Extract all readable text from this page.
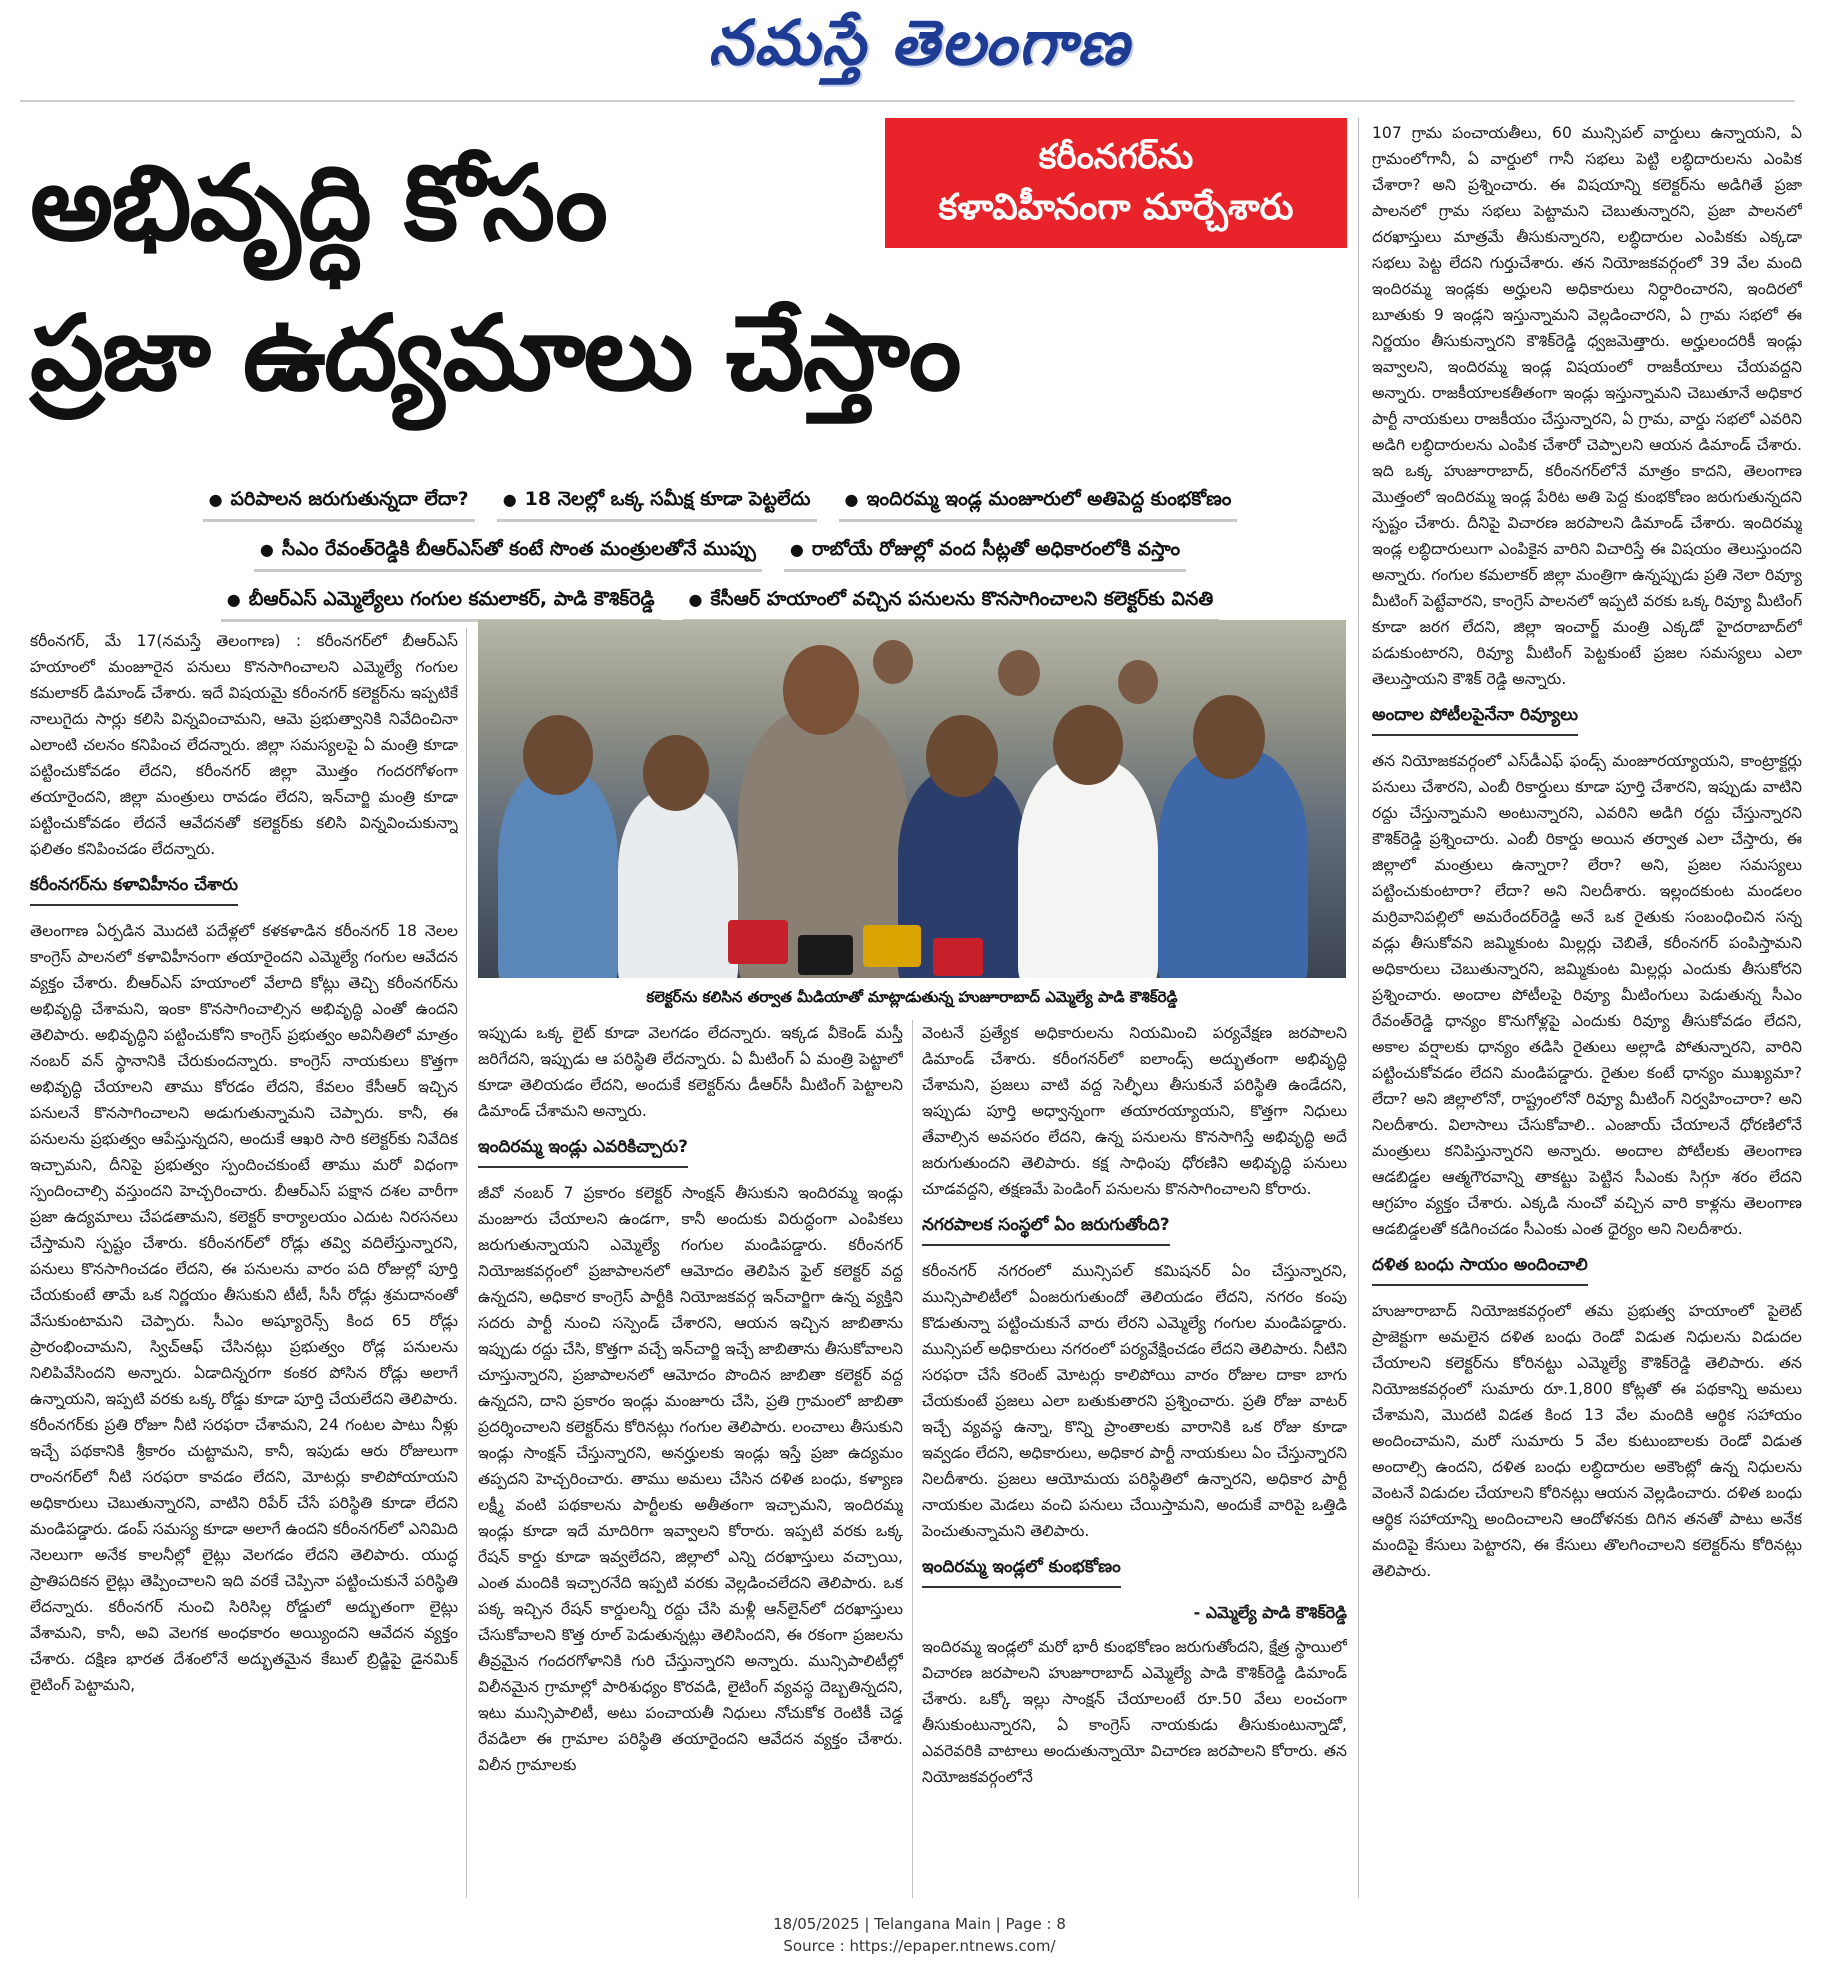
నమస్తే తెలంగాణ
అభివృద్ధి కోసం
ప్రజా ఉద్యమాలు చేస్తాం
కరీంనగర్‌ను
కళావిహీనంగా మార్చేశారు
● పరిపాలన జరుగుతున్నదా లేదా?	● 18 నెలల్లో ఒక్క సమీక్ష కూడా పెట్టలేదు	● ఇందిరమ్మ ఇండ్ల మంజూరులో అతిపెద్ద కుంభకోణం
● సీఎం రేవంత్‌రెడ్డికి బీఆర్‌ఎస్‌తో కంటే సొంత మంత్రులతోనే ముప్పు	● రాబోయే రోజుల్లో వంద సీట్లతో అధికారంలోకి వస్తాం
● బీఆర్‌ఎస్ ఎమ్మెల్యేలు గంగుల కమలాకర్, పాడి కౌశిక్‌రెడ్డి	● కేసీఆర్ హయాంలో వచ్చిన పనులను కొనసాగించాలని కలెక్టర్‌కు వినతి

కరీంనగర్, మే 17(నమస్తే తెలంగాణ) : కరీంనగర్‌లో బీఆర్ఎస్ హయాంలో మంజూరైన పనులు కొనసాగించాలని ఎమ్మెల్యే గంగుల కమలాకర్ డిమాండ్ చేశారు. ఇదే విషయమై కరీంనగర్ కలెక్టర్‌ను ఇప్పటికే నాలుగైదు సార్లు కలిసి విన్నవించామని, ఆమె ప్రభుత్వానికి నివేదించినా ఎలాంటి చలనం కనిపించ లేదన్నారు. జిల్లా సమస్యలపై ఏ మంత్రి కూడా పట్టించుకోవడం లేదని, కరీంనగర్ జిల్లా మొత్తం గందరగోళంగా తయారైందని, జిల్లా మంత్రులు రావడం లేదని, ఇన్‌చార్జి మంత్రి కూడా పట్టించుకోవడం లేదనే ఆవేదనతో కలెక్టర్‌కు కలిసి విన్నవించుకున్నా ఫలితం కనిపించడం లేదన్నారు.

కరీంనగర్‌ను కళావిహీనం చేశారు

తెలంగాణ ఏర్పడిన మొదటి పదేళ్లలో కళకళాడిన కరీంనగర్ 18 నెలల కాంగ్రెస్ పాలనలో కళావిహీనంగా తయారైందని ఎమ్మెల్యే గంగుల ఆవేదన వ్యక్తం చేశారు. బీఆర్ఎస్ హయాంలో వేలాది కోట్లు తెచ్చి కరీంనగర్‌ను అభివృద్ధి చేశామని, ఇంకా కొనసాగించాల్సిన అభివృద్ధి ఎంతో ఉందని తెలిపారు. అభివృద్ధిని పట్టించుకోని కాంగ్రెస్ ప్రభుత్వం అవినీతిలో మాత్రం నంబర్ వన్ స్థానానికి చేరుకుందన్నారు. కాంగ్రెస్ నాయకులు కొత్తగా అభివృద్ధి చేయాలని తాము కోరడం లేదని, కేవలం కేసీఆర్ ఇచ్చిన పనులనే కొనసాగించాలని అడుగుతున్నామని చెప్పారు. కానీ, ఈ పనులను ప్రభుత్వం ఆపేస్తున్నదని, అందుకే ఆఖరి సారి కలెక్టర్‌కు నివేదిక ఇచ్చామని, దీనిపై ప్రభుత్వం స్పందించకుంటే తాము మరో విధంగా స్పందించాల్సి వస్తుందని హెచ్చరించారు. బీఆర్ఎస్ పక్షాన దశల వారీగా ప్రజా ఉద్యమాలు చేపడతామని, కలెక్టర్ కార్యాలయం ఎదుట నిరసనలు చేస్తామని స్పష్టం చేశారు. కరీంనగర్‌లో రోడ్లు తవ్వి వదిలేస్తున్నారని, పనులు కొనసాగించడం లేదని, ఈ పనులను వారం పది రోజుల్లో పూర్తి చేయకుంటే తామే ఒక నిర్ణయం తీసుకుని టీటీ, సీసీ రోడ్లు శ్రమదానంతో వేసుకుంటామని చెప్పారు. సీఎం అష్యూరెన్స్ కింద 65 రోడ్లు ప్రారంభించామని, స్విచ్‌ఆఫ్ చేసినట్లు ప్రభుత్వం రోడ్ల పనులను నిలిపివేసిందని అన్నారు. ఏడాదిన్నరగా కంకర పోసిన రోడ్లు అలాగే ఉన్నాయని, ఇప్పటి వరకు ఒక్క రోడ్డు కూడా పూర్తి చేయలేదని తెలిపారు. కరీంనగర్‌కు ప్రతి రోజూ నీటి సరఫరా చేశామని, 24 గంటల పాటు నీళ్లు ఇచ్చే పథకానికి శ్రీకారం చుట్టామని, కానీ, ఇపుడు ఆరు రోజులుగా రాంనగర్‌లో నీటి సరఫరా కావడం లేదని, మోటర్లు కాలిపోయాయని అధికారులు చెబుతున్నారని, వాటిని రిపేర్ చేసే పరిస్థితి కూడా లేదని మండిపడ్డారు. డంప్ సమస్య కూడా అలాగే ఉందని కరీంనగర్‌లో ఎనిమిది నెలలుగా అనేక కాలనీల్లో లైట్లు వెలగడం లేదని తెలిపారు. యుద్ధ ప్రాతిపదికన లైట్లు తెప్పించాలని ఇది వరకే చెప్పినా పట్టించుకునే పరిస్థితి లేదన్నారు. కరీంనగర్ నుంచి సిరిసిల్ల రోడ్డులో అద్భుతంగా లైట్లు వేశామని, కానీ, అవి వెలగక అంధకారం అయ్యిందని ఆవేదన వ్యక్తం చేశారు. దక్షిణ భారత దేశంలోనే అద్భుతమైన కేబుల్ బ్రిడ్జిపై డైనమిక్ లైటింగ్ పెట్టామని,

కలెక్టర్‌ను కలిసిన తర్వాత మీడియాతో మాట్లాడుతున్న హుజూరాబాద్ ఎమ్మెల్యే పాడి కౌశిక్‌రెడ్డి

ఇప్పుడు ఒక్క లైట్ కూడా వెలగడం లేదన్నారు. ఇక్కడ వీకెండ్ మస్తీ జరిగేదని, ఇప్పుడు ఆ పరిస్థితి లేదన్నారు. ఏ మీటింగ్ ఏ మంత్రి పెట్టాలో కూడా తెలియడం లేదని, అందుకే కలెక్టర్‌ను డీఆర్‌సీ మీటింగ్ పెట్టాలని డిమాండ్ చేశామని అన్నారు.

ఇందిరమ్మ ఇండ్లు ఎవరికిచ్చారు?

జీవో నంబర్ 7 ప్రకారం కలెక్టర్ సాంక్షన్ తీసుకుని ఇందిరమ్మ ఇండ్లు మంజూరు చేయాలని ఉండగా, కానీ అందుకు విరుద్ధంగా ఎంపికలు జరుగుతున్నాయని ఎమ్మెల్యే గంగుల మండిపడ్డారు. కరీంనగర్ నియోజకవర్గంలో ప్రజాపాలనలో ఆమోదం తెలిపిన ఫైల్ కలెక్టర్ వద్ద ఉన్నదని, అధికార కాంగ్రెస్ పార్టీకి నియోజకవర్గ ఇన్‌చార్జిగా ఉన్న వ్యక్తిని సదరు పార్టీ నుంచి సస్పెండ్ చేశారని, ఆయన ఇచ్చిన జాబితాను ఇప్పుడు రద్దు చేసి, కొత్తగా వచ్చే ఇన్‌చార్జి ఇచ్చే జాబితాను తీసుకోవాలని చూస్తున్నారని, ప్రజాపాలనలో ఆమోదం పొందిన జాబితా కలెక్టర్ వద్ద ఉన్నదని, దాని ప్రకారం ఇండ్లు మంజూరు చేసి, ప్రతి గ్రామంలో జాబితా ప్రదర్శించాలని కలెక్టర్‌ను కోరినట్లు గంగుల తెలిపారు. లంచాలు తీసుకుని ఇండ్లు సాంక్షన్ చేస్తున్నారని, అనర్హులకు ఇండ్లు ఇస్తే ప్రజా ఉద్యమం తప్పదని హెచ్చరించారు. తాము అమలు చేసిన దళిత బంధు, కళ్యాణ లక్ష్మీ వంటి పథకాలను పార్టీలకు అతీతంగా ఇచ్చామని, ఇందిరమ్మ ఇండ్లు కూడా ఇదే మాదిరిగా ఇవ్వాలని కోరారు. ఇప్పటి వరకు ఒక్క రేషన్ కార్డు కూడా ఇవ్వలేదని, జిల్లాలో ఎన్ని దరఖాస్తులు వచ్చాయి, ఎంత మందికి ఇచ్చారనేది ఇప్పటి వరకు వెల్లడించలేదని తెలిపారు. ఒక పక్క ఇచ్చిన రేషన్ కార్డులన్నీ రద్దు చేసి మళ్లీ ఆన్‌లైన్‌లో దరఖాస్తులు చేసుకోవాలని కొత్త రూల్ పెడుతున్నట్లు తెలిసిందని, ఈ రకంగా ప్రజలను తీవ్రమైన గందరగోళానికి గురి చేస్తున్నారని అన్నారు. మున్సిపాలిటీల్లో విలీనమైన గ్రామాల్లో పారిశుధ్యం కొరవడి, లైటింగ్ వ్యవస్థ దెబ్బతిన్నదని, ఇటు మున్సిపాలిటీ, అటు పంచాయతీ నిధులు నోచుకోక రెంటికీ చెడ్డ రేవడిలా ఈ గ్రామాల పరిస్థితి తయారైందని ఆవేదన వ్యక్తం చేశారు. విలీన గ్రామాలకు

వెంటనే ప్రత్యేక అధికారులను నియమించి పర్యవేక్షణ జరపాలని డిమాండ్ చేశారు. కరీంగనర్‌లో ఐలాండ్స్ అద్భుతంగా అభివృద్ధి చేశామని, ప్రజలు వాటి వద్ద సెల్ఫీలు తీసుకునే పరిస్థితి ఉండేదని, ఇప్పుడు పూర్తి అధ్వాన్నంగా తయారయ్యాయని, కొత్తగా నిధులు తేవాల్సిన అవసరం లేదని, ఉన్న పనులను కొనసాగిస్తే అభివృద్ధి అదే జరుగుతుందని తెలిపారు. కక్ష సాధింపు ధోరణిని అభివృద్ధి పనులు చూడవద్దని, తక్షణమే పెండింగ్ పనులను కొనసాగించాలని కోరారు.

నగరపాలక సంస్థలో ఏం జరుగుతోంది?

కరీంనగర్ నగరంలో మున్సిపల్ కమిషనర్ ఏం చేస్తున్నారని, మున్సిపాలిటీలో ఏంజరుగుతుందో తెలియడం లేదని, నగరం కంపు కొడుతున్నా పట్టించుకునే వారు లేరని ఎమ్మెల్యే గంగుల మండిపడ్డారు. మున్సిపల్ అధికారులు నగరంలో పర్యవేక్షించడం లేదని తెలిపారు. నీటిని సరఫరా చేసే కరెంట్ మోటర్లు కాలిపోయి వారం రోజుల దాకా బాగు చేయకుంటే ప్రజలు ఎలా బతుకుతారని ప్రశ్నించారు. ప్రతి రోజు వాటర్ ఇచ్చే వ్యవస్థ ఉన్నా, కొన్ని ప్రాంతాలకు వారానికి ఒక రోజు కూడా ఇవ్వడం లేదని, అధికారులు, అధికార పార్టీ నాయకులు ఏం చేస్తున్నారని నిలదీశారు. ప్రజలు ఆయోమయ పరిస్థితిలో ఉన్నారని, అధికార పార్టీ నాయకుల మెడలు వంచి పనులు చేయిస్తామని, అందుకే వారిపై ఒత్తిడి పెంచుతున్నామని తెలిపారు.

ఇందిరమ్మ ఇండ్లలో కుంభకోణం
- ఎమ్మెల్యే పాడి కౌశిక్‌రెడ్డి

ఇందిరమ్మ ఇండ్లలో మరో భారీ కుంభకోణం జరుగుతోందని, క్షేత్ర స్థాయిలో విచారణ జరపాలని హుజూరాబాద్ ఎమ్మెల్యే పాడి కౌశిక్‌రెడ్డి డిమాండ్ చేశారు. ఒక్కో ఇల్లు సాంక్షన్ చేయాలంటే రూ.50 వేలు లంచంగా తీసుకుంటున్నారని, ఏ కాంగ్రెస్ నాయకుడు తీసుకుంటున్నాడో, ఎవరెవరికి వాటాలు అందుతున్నాయో విచారణ జరపాలని కోరారు. తన నియోజకవర్గంలోనే

107 గ్రామ పంచాయతీలు, 60 మున్సిపల్ వార్డులు ఉన్నాయని, ఏ గ్రామంలోగానీ, ఏ వార్డులో గానీ సభలు పెట్టి లబ్ధిదారులను ఎంపిక చేశారా? అని ప్రశ్నించారు. ఈ విషయాన్ని కలెక్టర్‌ను అడిగితే ప్రజా పాలనలో గ్రామ సభలు పెట్టామని చెబుతున్నారని, ప్రజా పాలనలో దరఖాస్తులు మాత్రమే తీసుకున్నారని, లబ్ధిదారుల ఎంపికకు ఎక్కడా సభలు పెట్ట లేదని గుర్తుచేశారు. తన నియోజకవర్గంలో 39 వేల మంది ఇందిరమ్మ ఇండ్లకు అర్హులని అధికారులు నిర్ధారించారని, ఇందిరలో బూతుకు 9 ఇండ్లని ఇస్తున్నామని వెల్లడించారని, ఏ గ్రామ సభలో ఈ నిర్ణయం తీసుకున్నారని కౌశిక్‌రెడ్డి ధ్వజమెత్తారు. అర్హులందరికీ ఇండ్లు ఇవ్వాలని, ఇందిరమ్మ ఇండ్ల విషయంలో రాజకీయాలు చేయవద్దని అన్నారు. రాజకీయాలకతీతంగా ఇండ్లు ఇస్తున్నామని చెబుతూనే అధికార పార్టీ నాయకులు రాజకీయం చేస్తున్నారని, ఏ గ్రామ, వార్డు సభలో ఎవరిని అడిగి లబ్ధిదారులను ఎంపిక చేశారో చెప్పాలని ఆయన డిమాండ్ చేశారు. ఇది ఒక్క హుజూరాబాద్, కరీంనగర్‌లోనే మాత్రం కాదని, తెలంగాణ మొత్తంలో ఇందిరమ్మ ఇండ్ల పేరిట అతి పెద్ద కుంభకోణం జరుగుతున్నదని స్పష్టం చేశారు. దీనిపై విచారణ జరపాలని డిమాండ్ చేశారు. ఇందిరమ్మ ఇండ్ల లబ్ధిదారులుగా ఎంపికైన వారిని విచారిస్తే ఈ విషయం తెలుస్తుందని అన్నారు. గంగుల కమలాకర్ జిల్లా మంత్రిగా ఉన్నప్పుడు ప్రతి నెలా రివ్యూ మీటింగ్ పెట్టేవారని, కాంగ్రెస్ పాలనలో ఇప్పటి వరకు ఒక్క రివ్యూ మీటింగ్ కూడా జరగ లేదని, జిల్లా ఇంచార్జ్ మంత్రి ఎక్కడో హైదరాబాద్‌లో పడుకుంటారని, రివ్యూ మీటింగ్ పెట్టకుంటే ప్రజల సమస్యలు ఎలా తెలుస్తాయని కౌశిక్ రెడ్డి అన్నారు.

అందాల పోటీలపైనేనా రివ్యూలు

తన నియోజకవర్గంలో ఎస్‌డీఎఫ్ ఫండ్స్ మంజూరయ్యాయని, కాంట్రాక్టర్లు పనులు చేశారని, ఎంబీ రికార్డులు కూడా పూర్తి చేశారని, ఇప్పుడు వాటిని రద్దు చేస్తున్నామని అంటున్నారని, ఎవరిని అడిగి రద్దు చేస్తున్నారని కౌశిక్‌రెడ్డి ప్రశ్నించారు. ఎంబీ రికార్డు అయిన తర్వాత ఎలా చేస్తారు, ఈ జిల్లాలో మంత్రులు ఉన్నారా? లేరా? అని, ప్రజల సమస్యలు పట్టించుకుంటారా? లేదా? అని నిలదీశారు. ఇల్లందకుంట మండలం మర్రివానిపల్లిలో అమరేందర్‌రెడ్డి అనే ఒక రైతుకు సంబంధించిన సన్న వడ్లు తీసుకోవని జమ్మికుంట మిల్లర్లు చెబితే, కరీంనగర్ పంపిస్తామని అధికారులు చెబుతున్నారని, జమ్మికుంట మిల్లర్లు ఎందుకు తీసుకోరని ప్రశ్నించారు. అందాల పోటీలపై రివ్యూ మీటింగులు పెడుతున్న సీఎం రేవంత్‌రెడ్డి ధాన్యం కొనుగోళ్లపై ఎందుకు రివ్యూ తీసుకోవడం లేదని, అకాల వర్షాలకు ధాన్యం తడిసి రైతులు అల్లాడి పోతున్నారని, వారిని పట్టించుకోవడం లేదని మండిపడ్డారు. రైతుల కంటే ధాన్యం ముఖ్యమా? లేదా? అని జిల్లాలోనో, రాష్ట్రంలోనో రివ్యూ మీటింగ్ నిర్వహించారా? అని నిలదీశారు. విలాసాలు చేసుకోవాలి.. ఎంజాయ్ చేయాలనే ధోరణిలోనే మంత్రులు కనిపిస్తున్నారని అన్నారు. అందాల పోటీలకు తెలంగాణ ఆడబిడ్డల ఆత్మగౌరవాన్ని తాకట్టు పెట్టిన సీఎంకు సిగ్గూ శరం లేదని ఆగ్రహం వ్యక్తం చేశారు. ఎక్కడి నుంచో వచ్చిన వారి కాళ్లను తెలంగాణ ఆడబిడ్డలతో కడిగించడం సీఎంకు ఎంత ధైర్యం అని నిలదీశారు.

దళిత బంధు సాయం అందించాలి

హుజూరాబాద్ నియోజకవర్గంలో తమ ప్రభుత్వ హయాంలో పైలెట్ ప్రాజెక్టుగా అమలైన దళిత బంధు రెండో విడుత నిధులను విడుదల చేయాలని కలెక్టర్‌ను కోరినట్టు ఎమ్మెల్యే కౌశిక్‌రెడ్డి తెలిపారు. తన నియోజకవర్గంలో సుమారు రూ.1,800 కోట్లతో ఈ పథకాన్ని అమలు చేశామని, మొదటి విడత కింద 13 వేల మందికి ఆర్థిక సహాయం అందించామని, మరో సుమారు 5 వేల కుటుంబాలకు రెండో విడుత అందాల్సి ఉందని, దళిత బంధు లబ్ధిదారుల అకౌంట్లో ఉన్న నిధులను వెంటనే విడుదల చేయాలని కోరినట్లు ఆయన వెల్లడించారు. దళిత బంధు ఆర్థిక సహాయాన్ని అందించాలని ఆందోళనకు దిగిన తనతో పాటు అనేక మందిపై కేసులు పెట్టారని, ఈ కేసులు తొలగించాలని కలెక్టర్‌ను కోరినట్లు తెలిపారు.

18/05/2025 | Telangana Main | Page : 8
Source : https://epaper.ntnews.com/
